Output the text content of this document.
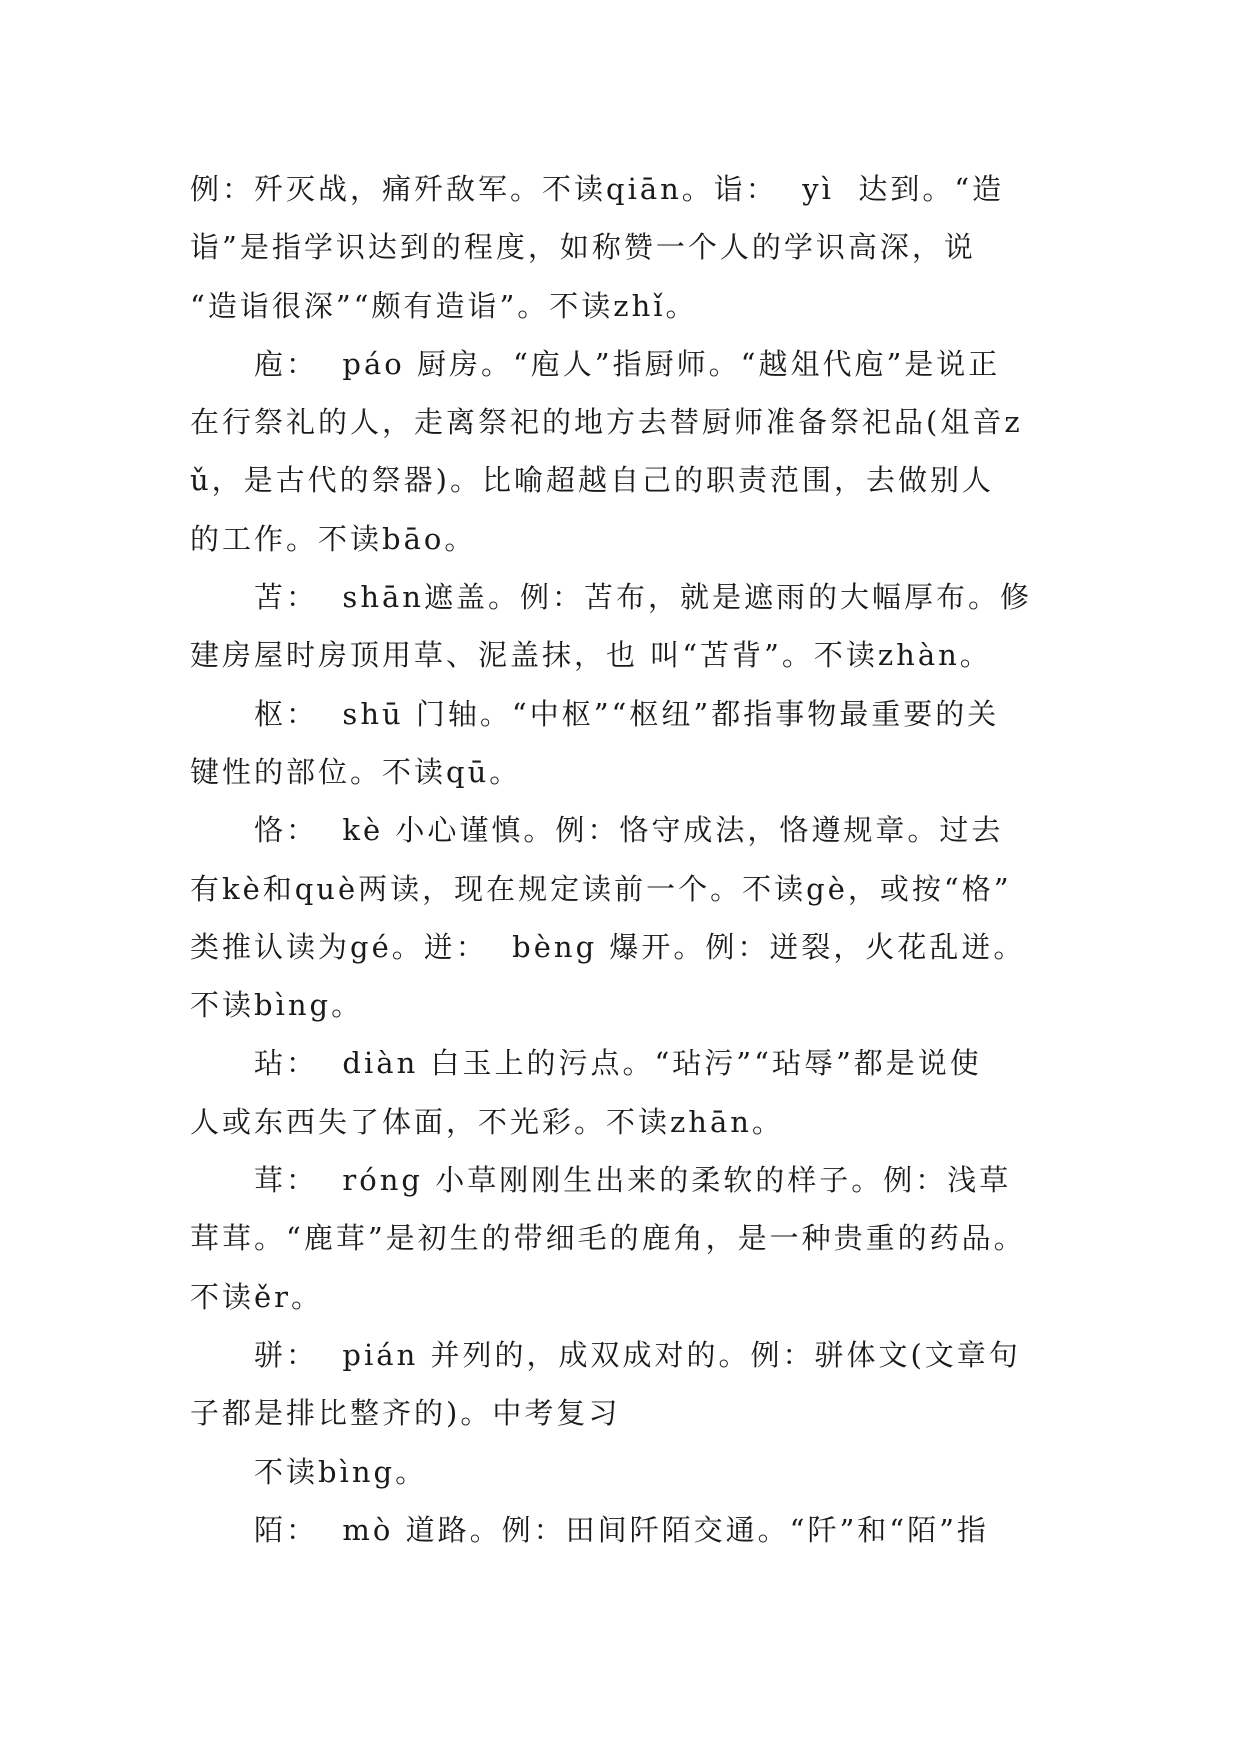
例：歼灭战，痛歼敌军。不读qiān。诣：  yì  达到。“造
诣”是指学识达到的程度，如称赞一个人的学识高深，说
“造诣很深”“颇有造诣”。不读zhǐ。
庖：  páo 厨房。“庖人”指厨师。“越俎代庖”是说正
在行祭礼的人，走离祭祀的地方去替厨师准备祭祀品(俎音z
ǔ，是古代的祭器)。比喻超越自己的职责范围，去做别人
的工作。不读bāo。
苫：  shān遮盖。例：苫布，就是遮雨的大幅厚布。修
建房屋时房顶用草、泥盖抹，也 叫“苫背”。不读zhàn。
枢：  shū 门轴。“中枢”“枢纽”都指事物最重要的关
键性的部位。不读qū。
恪：  kè 小心谨慎。例：恪守成法，恪遵规章。过去
有kè和què两读，现在规定读前一个。不读gè，或按“格”
类推认读为gé。迸：  bèng 爆开。例：迸裂，火花乱迸。
不读bìng。
玷：  diàn 白玉上的污点。“玷污”“玷辱”都是说使
人或东西失了体面，不光彩。不读zhān。
茸：  róng 小草刚刚生出来的柔软的样子。例：浅草
茸茸。“鹿茸”是初生的带细毛的鹿角，是一种贵重的药品。
不读ěr。
骈：  pián 并列的，成双成对的。例：骈体文(文章句
子都是排比整齐的)。中考复习
不读bìng。
陌：  mò 道路。例：田间阡陌交通。“阡”和“陌”指
